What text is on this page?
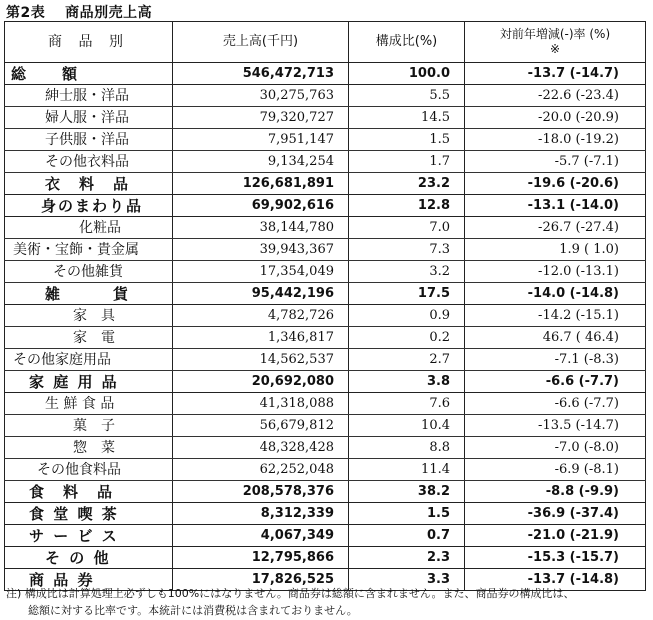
第2表　 商品別売上高
商 品 別	売上高(千円)	構成比(%)	対前年増減(-)率 (%)
※

総　　額	546,472,713	100.0	-13.7 (-14.7)
紳士服・洋品	30,275,763	5.5	-22.6 (-23.4)
婦人服・洋品	79,320,727	14.5	-20.0 (-20.9)
子供服・洋品	7,951,147	1.5	-18.0 (-19.2)
その他衣料品	9,134,254	1.7	-5.7 (-7.1)
衣　料　品	126,681,891	23.2	-19.6 (-20.6)
身のまわり品	69,902,616	12.8	-13.1 (-14.0)
化粧品	38,144,780	7.0	-26.7 (-27.4)
美術・宝飾・貴金属	39,943,367	7.3	1.9 ( 1.0)
その他雑貨	17,354,049	3.2	-12.0 (-13.1)
雑　　　貨	95,442,196	17.5	-14.0 (-14.8)
家　具	4,782,726	0.9	-14.2 (-15.1)
家　電	1,346,817	0.2	46.7 ( 46.4)
その他家庭用品	14,562,537	2.7	-7.1 (-8.3)
家 庭 用 品	20,692,080	3.8	-6.6 (-7.7)
生 鮮 食 品	41,318,088	7.6	-6.6 (-7.7)
菓　子	56,679,812	10.4	-13.5 (-14.7)
惣　菜	48,328,428	8.8	-7.0 (-8.0)
その他食料品	62,252,048	11.4	-6.9 (-8.1)
食　料　品	208,578,376	38.2	-8.8 (-9.9)
食 堂 喫 茶	8,312,339	1.5	-36.9 (-37.4)
サ ー ビ ス	4,067,349	0.7	-21.0 (-21.9)
そ の 他	12,795,866	2.3	-15.3 (-15.7)
商 品 券	17,826,525	3.3	-13.7 (-14.8)
注) 構成比は計算処理上必ずしも100%にはなりません。商品券は総額に含まれません。また、商品券の構成比は、
　　総額に対する比率です。本統計には消費税は含まれておりません。
